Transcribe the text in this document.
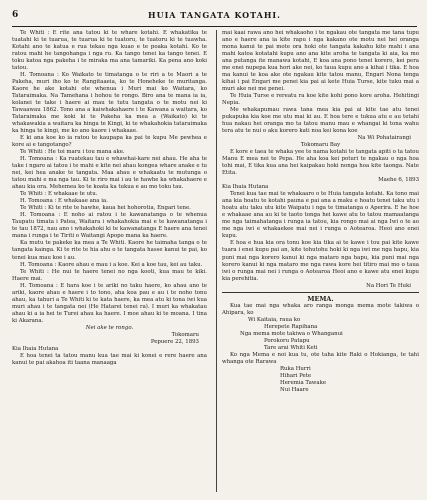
6	HUIA TANGATA KOTAHI.

Te Whiti : E rite ana tatou ki te whare kotahi. E whakatika te tuatahi ki te tuarua, te tuarua ki te tuatoru, te tuatoru ki te tuawha. Kotahi ano te katua e rua tekau nga kuao e te poaka kotahi. Ko te ratou mahi he tangohanga i nga ru. Ka tango tenei ka tango tenei. E toku katoa nga pakeha i te miraka ma ana tamariki. Ka pena ano koki tatou.

H. Tomoana : Ko Waikato te timatanga o te riri a te Maori a te Pakeha, muri iho ko te Rangitaaeia, ko te Honeheke te muritanga. Kaore he ake kotahi ote whenua i Muri mai ko Waitara, ko Tataraimaka. Na Tamehana i hohou te rongo. Biro ana te mana ia ia, kolanei te take i haere ai mau te tutu tangata o te motu nei ki Tawaawau 1862. Tono ana a kaiwhakahaere i te Kawana a waitara, ko Tataraimaka me koki ki te Pakeha ka mea a (Waikato) ki te whakawakia a waitara ka hinga te Kingi, ki te whakahokia tataraimaka ka hinga te kingi, me ko ano kaore i whakaae.

E ki ana koe ko ia ratou te kaupapa ka pai te kupu Me pewhea e kore ai e tangotango?

Te Whiti : He toi maru i tou mana ake.

H. Tomoana : Ka ruatekau tau e whawhai-kare nei ahau. He aha te take i ngaro ai tatou i te mahi e kite nei ahau kongea whare anake e tu nei, kei hea anake te tangata. Maa ahau e whakaatu te mutunga o tatou mahi e ma nga tau. Ki te riro mai i au te hawhe ka whakahaere e ahau kia ora. Mehemea ko te koata ka tukua e au mo toku tau.

Te Whiti : E whakaae te utu.

H. Tomoana : E whakaae ana ia.

Te Whiti : Ki te rite te hawhe, kaua hei hohorotia, Engari tene.

H. Tomoana : E noho ai ratou i te kawanatanga o te whenua Taupatu timata i Patea, Waitara i whakahokia mai e te kawanatanga i te tau 1872, nau ano i whakahoki ki te kawanatanga E haere ana tenei mana i runga i te Tiriti o Waitangi Apopo mana ka haere.

Ka mutu te pakeke ka mea a Te Whiti. Kaore he taimaha tanga o te tangata kainga. Ki te rite te hia ahu o te tangata hasse kanui te pai, ko tenei kua mau koe i au.

H. Tomoana : Kaore ahau e mau i a koe. Kei a koe tau, kei au taku.

Te Whiti : He nui te haere tenei no nga kooti, kua mau te kiki. Haere mai.

H. Tomoana : E hara koe i te ariki no taku haere, ko ahau ano te ariki, kaore ahau e haere i to tono, aha koa pau e au i te noho tonu ahau, ka tahuri a Te Whiti ki te kata haere, ka mea atu ki tona iwi kua muri ahau i te tangata nei (He Hatarei tenei ra). I muri ka whakatau ahau ki a ia hei te Turei ahau ka haere. I moe ahau ki te moana. I tina ki Akarana.

Nei ake te rongo.

Tokomaru

Pepuere 22, 1893

Kia Ihaia Hutana

E hoa tenei ta tatou manu kua tae mai ki konei e rere haere ana kanui te pai akahoa iti taana manaaga

mai kaai rawa ano hei whakaoho i te ngakau ote tangata me tana tupu ano e haere ana ia kite rapu i nga kakano ote motu nei hei oranga mona kanui te pai mote ora hoki ote tangata kakahu kite mahi i ana mahi katoa kotatahi kupu ano ana kite aroha te tangata ki aia, ka mo ana putanga ite manawa kotahi, E koa ana pono tenei korero, kei pera me enei nupepa kua hori ake nei, ko taua kupu ano a kihai i tika. E hoa ma kanui te koa ake ote ngakau kite tatou manu, Engari Nona tenga kihai i pai Engari me penei kia pai ai kete Huia Turse, kite tuku mai a muri ake nei me penei.

Te Huia Turse e rereatu ra koe kite kohi pono kore aroha. Hehitingi Nepia.

Me whakapumau rawa tana mea kia pai ai kite tae atu tenei pukapuka kia koe me utu mai ki au. E hoa tere e tukua atu e au tetahi hua nakau hei oranga mo ta tatou manu mau e whangai ki tona wahu tera atu te nui o aku korero kati noa kei kona koe

Na Wi Pohatairangi

Tokomaru Bay

E kore e taea te whaka yee te nama kotahi te tangata apiti o ta tatou Manu E mea nei te Pepa. He aha koa kei poturi te ngakau o nga hoa tohi mai, E tika kua ana hei kaipakau hoki nonga hoa kite taonga. Nate Etita.

Maehe 6, 1893

Kia Ihaia Hutana

Tenei kua tae mai te whakaaro o te Huia tangata kotahi. Ka tono mai ana kia hoatu te kotahi pauna e pai ana a maku e hoatu tenei taku utu i hoatu atu taku utu kite Waipatu i nga te timatanga o Aperira. E he hoe e whakaae ana au ki te taoto tonga hei kawe atu to tatou mamaatanga me nga taimahatanga i runga ia tatou, kia rongo mai ai nga Iwi o te ao me nga iwi e whakaekee mai nei i runga o Aotearoa. Heoi ano enei kupu.

E hoa e hua kia ora tonu koe kia tika ai te kawe i tou pai kite kawe tuara i enei kupu pai an, kite tohutohu hoki ki nga iwi me nga hapu, kia puni mai nga korero kanui ki nga mataro nga hapu, kia puni mai nga korero kanui ki nga mataro me nga rawa kore hei titiro mai mo o taua iwi o runga mai nei i runga o Aotearoa Heoi ano e kawe atu enei kupu kia perehitia.

Na Hori Te Huki

MEMA.

Kua tae mai nga whaka aro ranga monga mema mote takiwa o Ahipara, ko

Wi Kaitaia, raua ko

Herepete Rapihana

Nga mema mote takiwa o Whanganui

Porokoru Patapu

Tare arai Whiti Keti

Ko nga Mema e noi kua tu, ote taha kite Raki o Hokianga, te tahi whanga ote Rarawa

Ruka Hurri

Hihari Pete

Heremia Tawake

Nui Haare
